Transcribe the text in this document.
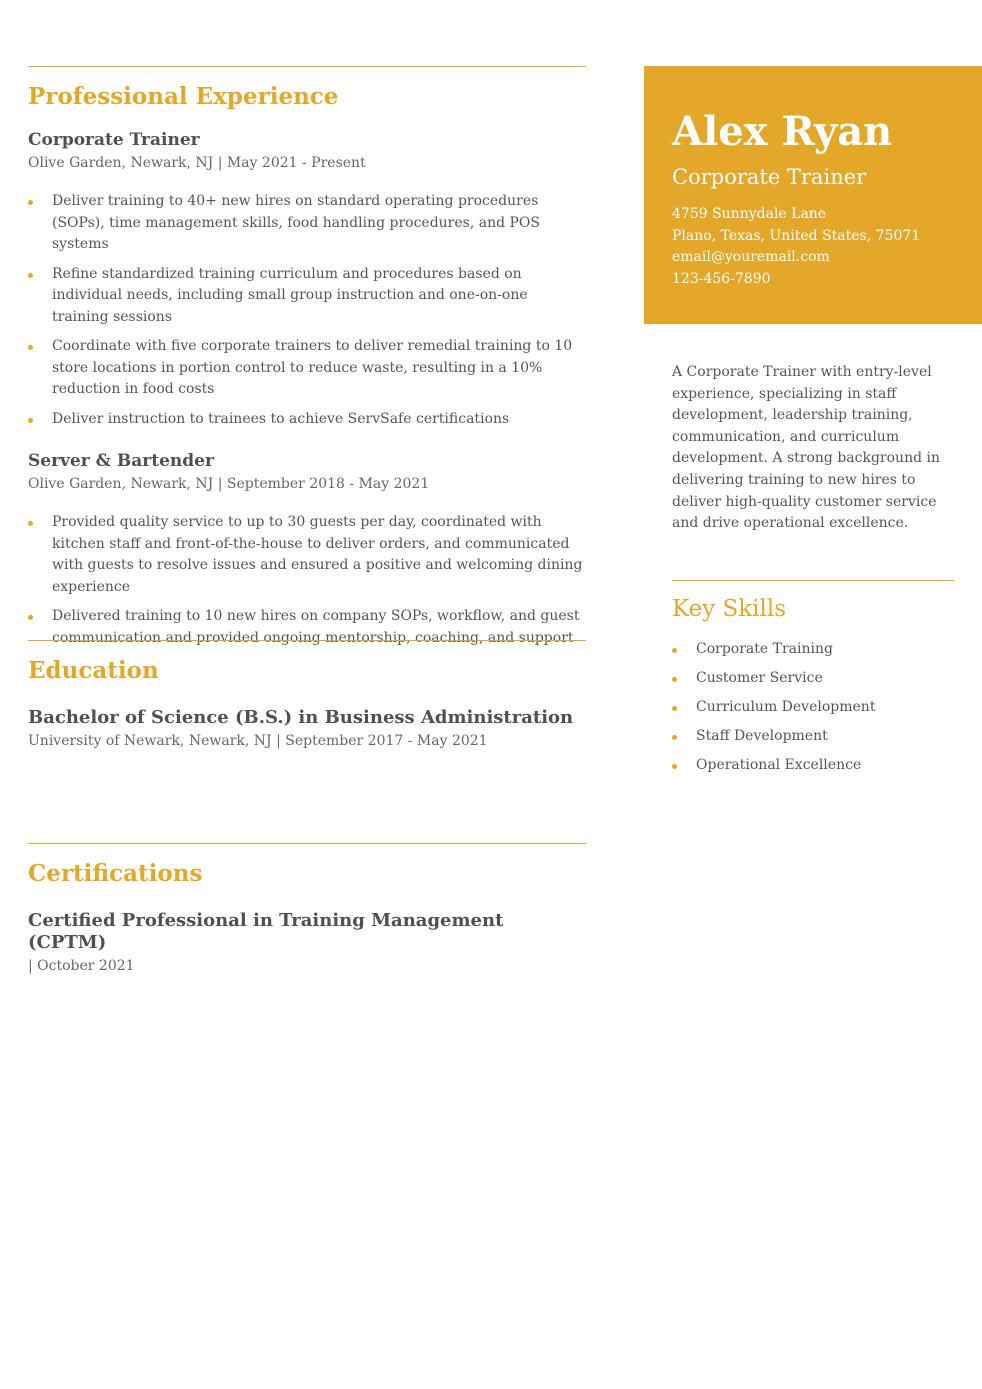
Professional Experience
Corporate Trainer

Olive Garden, Newark, NJ | May 2021 - Present

Deliver training to 40+ new hires on standard operating procedures (SOPs), time management skills, food handling procedures, and POS systems
Refine standardized training curriculum and procedures based on individual needs, including small group instruction and one-on-one training sessions
Coordinate with five corporate trainers to deliver remedial training to 10 store locations in portion control to reduce waste, resulting in a 10% reduction in food costs
Deliver instruction to trainees to achieve ServSafe certifications
Server & Bartender

Olive Garden, Newark, NJ | September 2018 - May 2021

Provided quality service to up to 30 guests per day, coordinated with kitchen staff and front-of-the-house to deliver orders, and communicated with guests to resolve issues and ensured a positive and welcoming dining experience
Delivered training to 10 new hires on company SOPs, workflow, and guest communication and provided ongoing mentorship, coaching, and support
Education
Bachelor of Science (B.S.) in Business Administration

University of Newark, Newark, NJ | September 2017 - May 2021

Certifications
Certified Professional in Training Management (CPTM)

| October 2021

Alex Ryan

Corporate Trainer

4759 Sunnydale Lane
Plano, Texas, United States, 75071
email@youremail.com
123-456-7890
A Corporate Trainer with entry-level experience, specializing in staff development, leadership training, communication, and curriculum development. A strong background in delivering training to new hires to deliver high-quality customer service and drive operational excellence.
Key Skills
Corporate Training
Customer Service
Curriculum Development
Staff Development
Operational Excellence
